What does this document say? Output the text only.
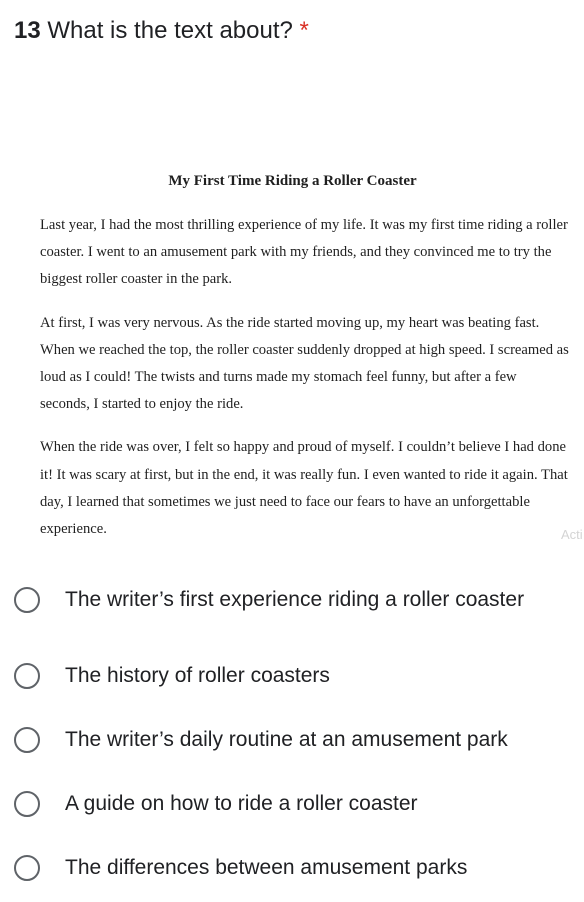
13 What is the text about? *

My First Time Riding a Roller Coaster

Last year, I had the most thrilling experience of my life. It was my first time riding a roller coaster. I went to an amusement park with my friends, and they convinced me to try the biggest roller coaster in the park.

At first, I was very nervous. As the ride started moving up, my heart was beating fast. When we reached the top, the roller coaster suddenly dropped at high speed. I screamed as loud as I could! The twists and turns made my stomach feel funny, but after a few seconds, I started to enjoy the ride.

When the ride was over, I felt so happy and proud of myself. I couldn’t believe I had done it! It was scary at first, but in the end, it was really fun. I even wanted to ride it again. That day, I learned that sometimes we just need to face our fears to have an unforgettable experience.	Acti
The writer’s first experience riding a roller coaster
The history of roller coasters
The writer’s daily routine at an amusement park
A guide on how to ride a roller coaster
The differences between amusement parks
